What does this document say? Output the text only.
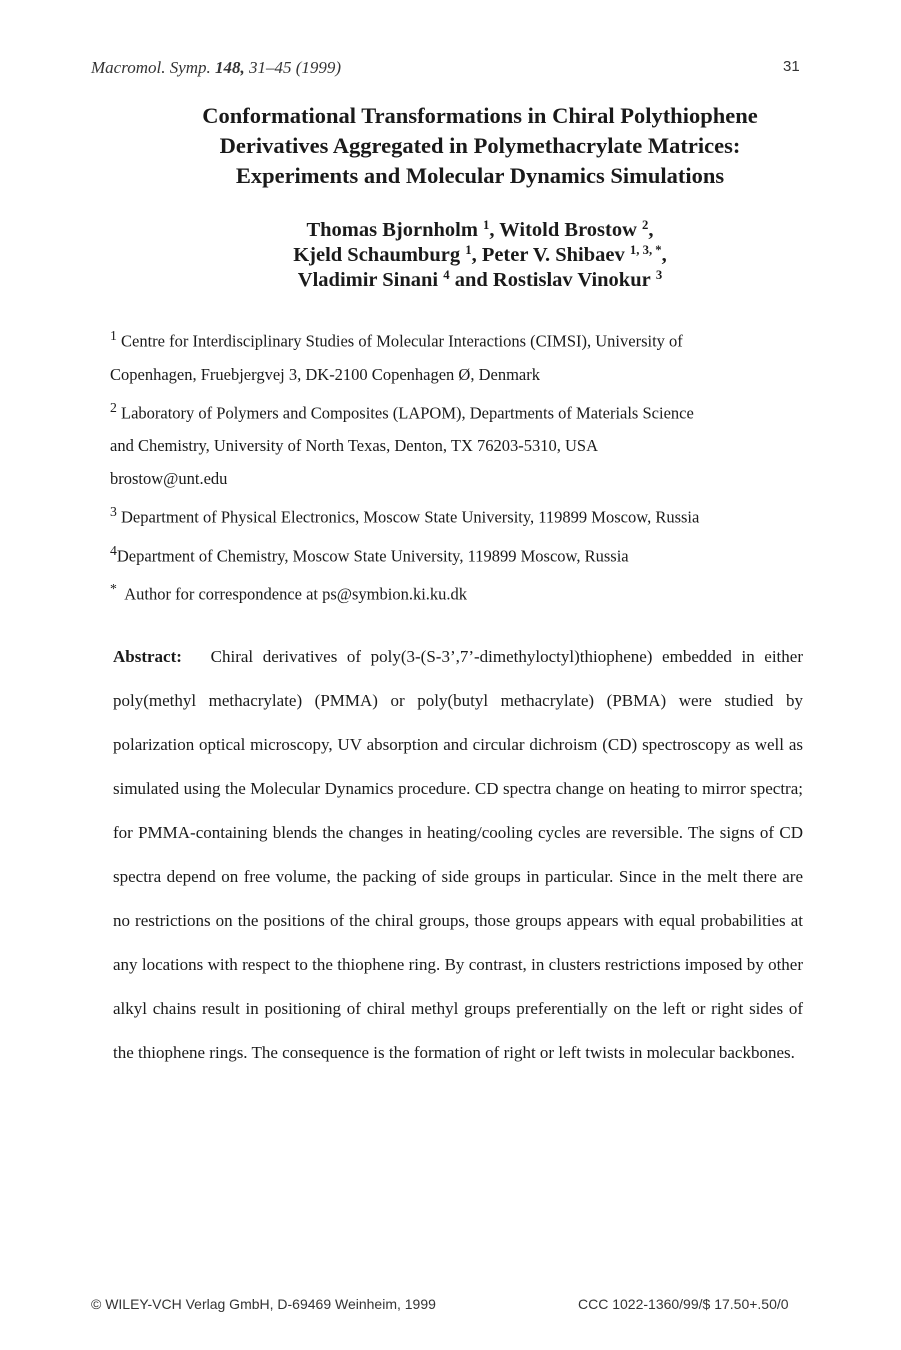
Macromol. Symp. 148, 31–45 (1999)	31
Conformational Transformations in Chiral Polythiophene
Derivatives Aggregated in Polymethacrylate Matrices:
Experiments and Molecular Dynamics Simulations
Thomas Bjornholm $^1$, Witold Brostow $^2$,
Kjeld Schaumburg $^1$, Peter V. Shibaev $^{1, 3, *}$,
Vladimir Sinani $^4$ and Rostislav Vinokur $^3$

$^1$ Centre for Interdisciplinary Studies of Molecular Interactions (CIMSI), University of

Copenhagen, Fruebjergvej 3, DK-2100 Copenhagen Ø, Denmark

$^2$ Laboratory of Polymers and Composites (LAPOM), Departments of Materials Science

and Chemistry, University of North Texas, Denton, TX 76203-5310, USA

brostow@unt.edu

$^3$ Department of Physical Electronics, Moscow State University, 119899 Moscow, Russia

$^4$Department of Chemistry, Moscow State University, 119899 Moscow, Russia

* Author for correspondence at ps@symbion.ki.ku.dk

Abstract: Chiral derivatives of poly(3-(S-3’,7’-dimethyloctyl)thiophene) embedded in either poly(methyl methacrylate) (PMMA) or poly(butyl methacrylate) (PBMA) were studied by polarization optical microscopy, UV absorption and circular dichroism (CD) spectroscopy as well as simulated using the Molecular Dynamics procedure. CD spectra change on heating to mirror spectra; for PMMA-containing blends the changes in heating/cooling cycles are reversible. The signs of CD spectra depend on free volume, the packing of side groups in particular. Since in the melt there are no restrictions on the positions of the chiral groups, those groups appears with equal probabilities at any locations with respect to the thiophene ring. By contrast, in clusters restrictions imposed by other alkyl chains result in positioning of chiral methyl groups preferentially on the left or right sides of the thiophene rings. The consequence is the formation of right or left twists in molecular backbones.

© WILEY-VCH Verlag GmbH, D-69469 Weinheim, 1999	CCC 1022-1360/99/$ 17.50+.50/0
